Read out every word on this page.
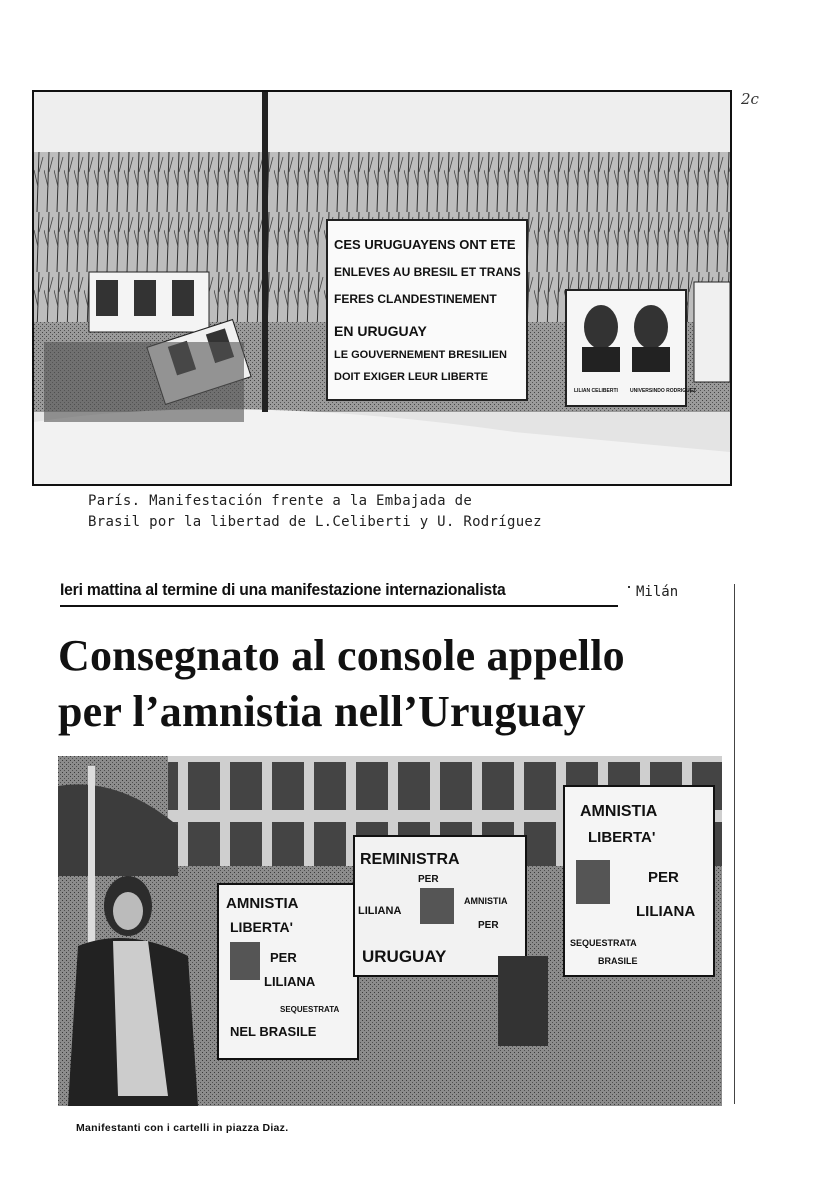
2c
CES URUGUAYENS ONT ETE
ENLEVES AU BRESIL ET TRANS
FERES CLANDESTINEMENT
EN URUGUAY
LE GOUVERNEMENT BRESILIEN
DOIT EXIGER LEUR LIBERTE
LILIAN CELIBERTI UNIVERSINDO RODRIGUEZ
París. Manifestación frente a la Embajada de
Brasil por la libertad de L.Celiberti y U. Rodríguez
Ieri mattina al termine di una manifestazione internazionalista	Milán
Consegnato al console appello
per l’amnistia nell’Uruguay
AMNISTIA
LIBERTA'
PER
LILIANA
SEQUESTRATA
NEL BRASILE
REMINISTRA
PER
LILIANA
AMNISTIA
PER
URUGUAY
AMNISTIA
LIBERTA'
PER
LILIANA
SEQUESTRATA
BRASILE
Manifestanti con i cartelli in piazza Diaz.
